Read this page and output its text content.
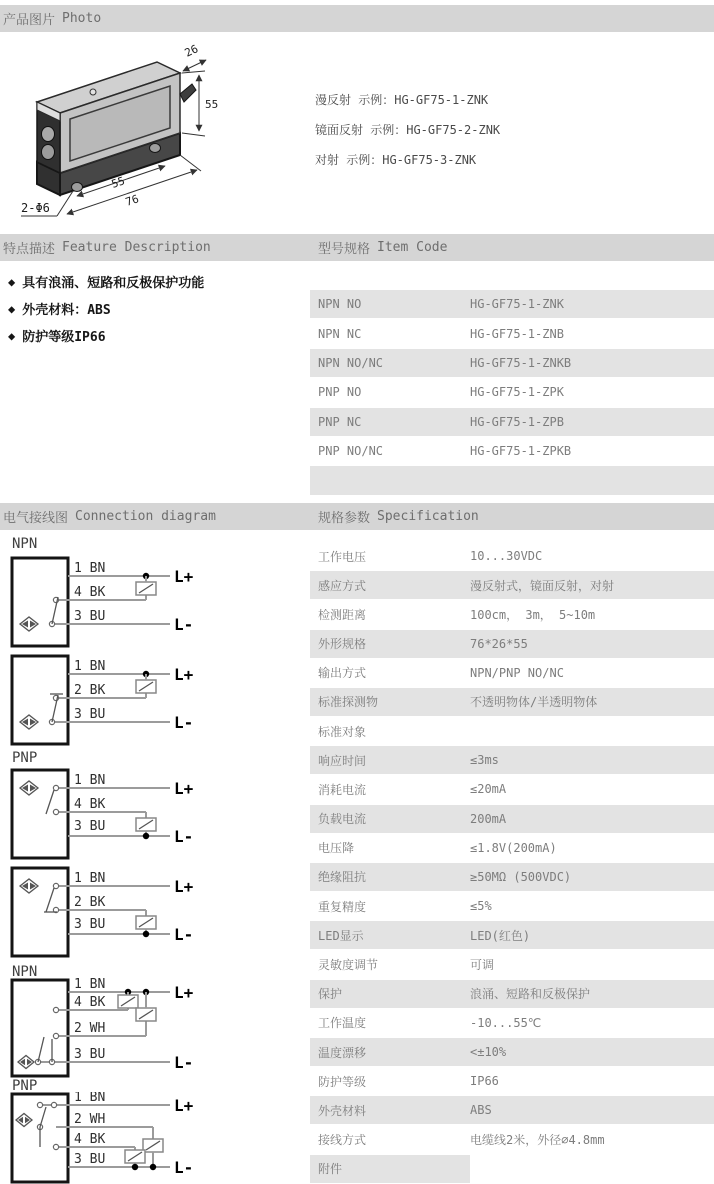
产品图片 Photo
26
55
55
76
2-Φ6
漫反射 示例：HG-GF75-1-ZNK
镜面反射 示例：HG-GF75-2-ZNK
对射 示例：HG-GF75-3-ZNK
特点描述 Feature Description	型号规格 Item Code
◆ 具有浪涌、短路和反极保护功能
◆ 外壳材料：ABS
◆ 防护等级IP66
NPN NO	HG-GF75-1-ZNK
NPN NC	HG-GF75-1-ZNB
NPN NO/NC	HG-GF75-1-ZNKB
PNP NO	HG-GF75-1-ZPK
PNP NC	HG-GF75-1-ZPB
PNP NO/NC	HG-GF75-1-ZPKB
电气接线图 Connection diagram	规格参数 Specification
NPN
1 BN
4 BK
3 BU
L+
L-
1 BN
2 BK
3 BU
L+
L-
PNP
1 BN
4 BK
3 BU
L+
L-
1 BN
2 BK
3 BU
L+
L-
NPN
1 BN
4 BK
2 WH
3 BU
L+
L-
PNP
1 BN
2 WH
4 BK
3 BU
L+
L-
工作电压	10...30VDC
感应方式	漫反射式，镜面反射，对射
检测距离	100cm， 3m， 5~10m
外形规格	76*26*55
输出方式	NPN/PNP NO/NC
标准探测物	不透明物体/半透明物体
标准对象
响应时间	≤3ms
消耗电流	≤20mA
负载电流	200mA
电压降	≤1.8V(200mA)
绝缘阻抗	≥50MΩ (500VDC)
重复精度	≤5%
LED显示	LED(红色)
灵敏度调节	可调
保护	浪涌、短路和反极保护
工作温度	-10...55℃
温度漂移	<±10%
防护等级	IP66
外壳材料	ABS
接线方式	电缆线2米，外径∅4.8mm
附件
